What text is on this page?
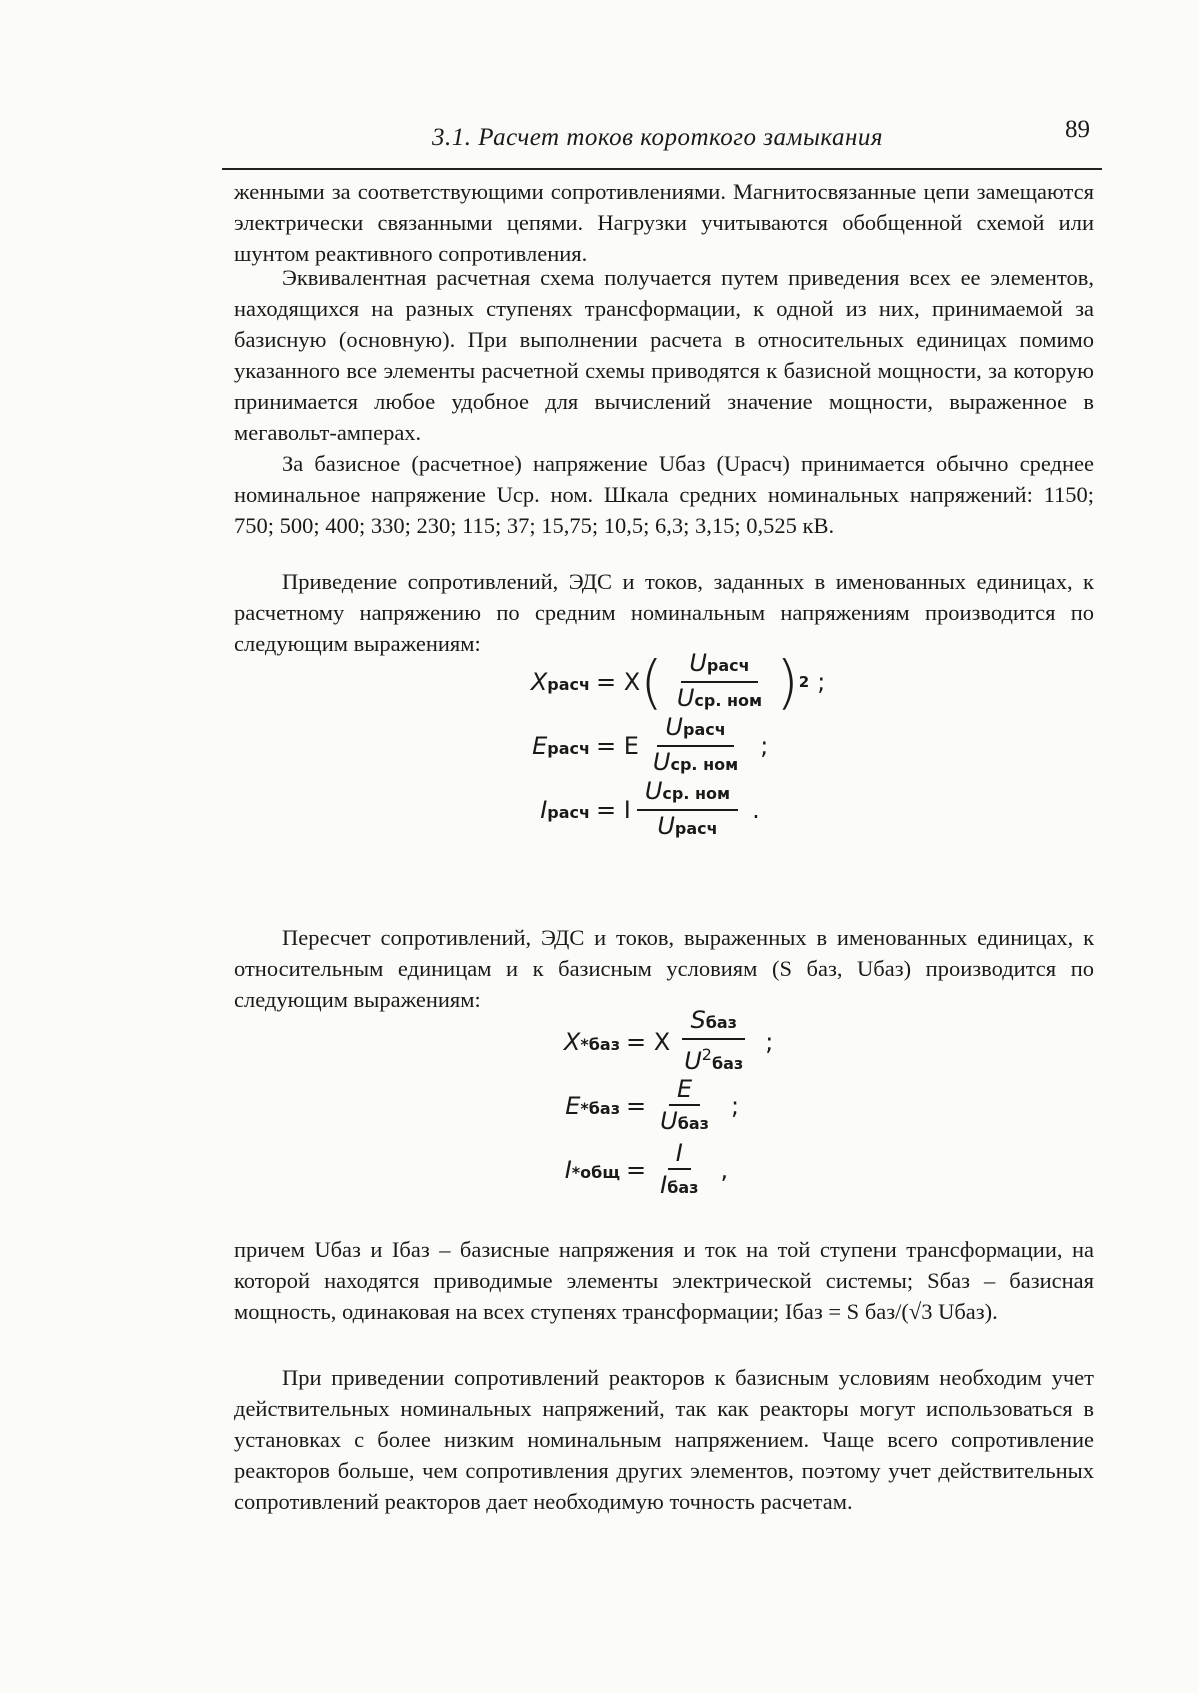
3.1. Расчет токов короткого замыкания	89

женными за соответствующими сопротивлениями. Магнитосвязанные цепи замещаются электрически связанными цепями. Нагрузки учитываются обобщенной схемой или шунтом реактивного сопротивления.

Эквивалентная расчетная схема получается путем приведения всех ее элементов, находящихся на разных ступенях трансформации, к одной из них, принимаемой за базисную (основную). При выполнении расчета в относительных единицах помимо указанного все элементы расчетной схемы приводятся к базисной мощности, за которую принимается любое удобное для вычислений значение мощности, выраженное в мегавольт-амперах.

За базисное (расчетное) напряжение Uбаз (Uрасч) принимается обычно среднее номинальное напряжение Uср. ном. Шкала средних номинальных напряжений: 1150; 750; 500; 400; 330; 230; 115; 37; 15,75; 10,5; 6,3; 3,15; 0,525 кВ.

Приведение сопротивлений, ЭДС и токов, заданных в именованных единицах, к расчетному напряжению по средним номинальным напряжениям производится по следующим выражениям:

Xрасч = X ( $\frac{\text{Uрасч}}{\text{Uср. ном}}$ ) 2 ;
Eрасч = E $\frac{\text{Uрасч}}{\text{Uср. ном}}$ ;
Iрасч = I $\frac{\text{Uср. ном}}{\text{Uрасч}}$ .

Пересчет сопротивлений, ЭДС и токов, выраженных в именованных единицах, к относительным единицам и к базисным условиям (S баз, Uбаз) производится по следующим выражениям:

X*баз = X $\frac{\text{Sбаз}}{U^2баз}$ ;
$E*баз = \frac{E}{\text{Uбаз}}$ ;
$I*общ = \frac{I}{\text{Iбаз}}$ ,

причем Uбаз и Iбаз – базисные напряжения и ток на той ступени трансформации, на которой находятся приводимые элементы электрической системы; Sбаз – базисная мощность, одинаковая на всех ступенях трансформации; Iбаз = S баз/(√3 Uбаз).

При приведении сопротивлений реакторов к базисным условиям необходим учет действительных номинальных напряжений, так как реакторы могут использоваться в установках с более низким номинальным напряжением. Чаще всего сопротивление реакторов больше, чем сопротивления других элементов, поэтому учет действительных сопротивлений реакторов дает необходимую точность расчетам.
